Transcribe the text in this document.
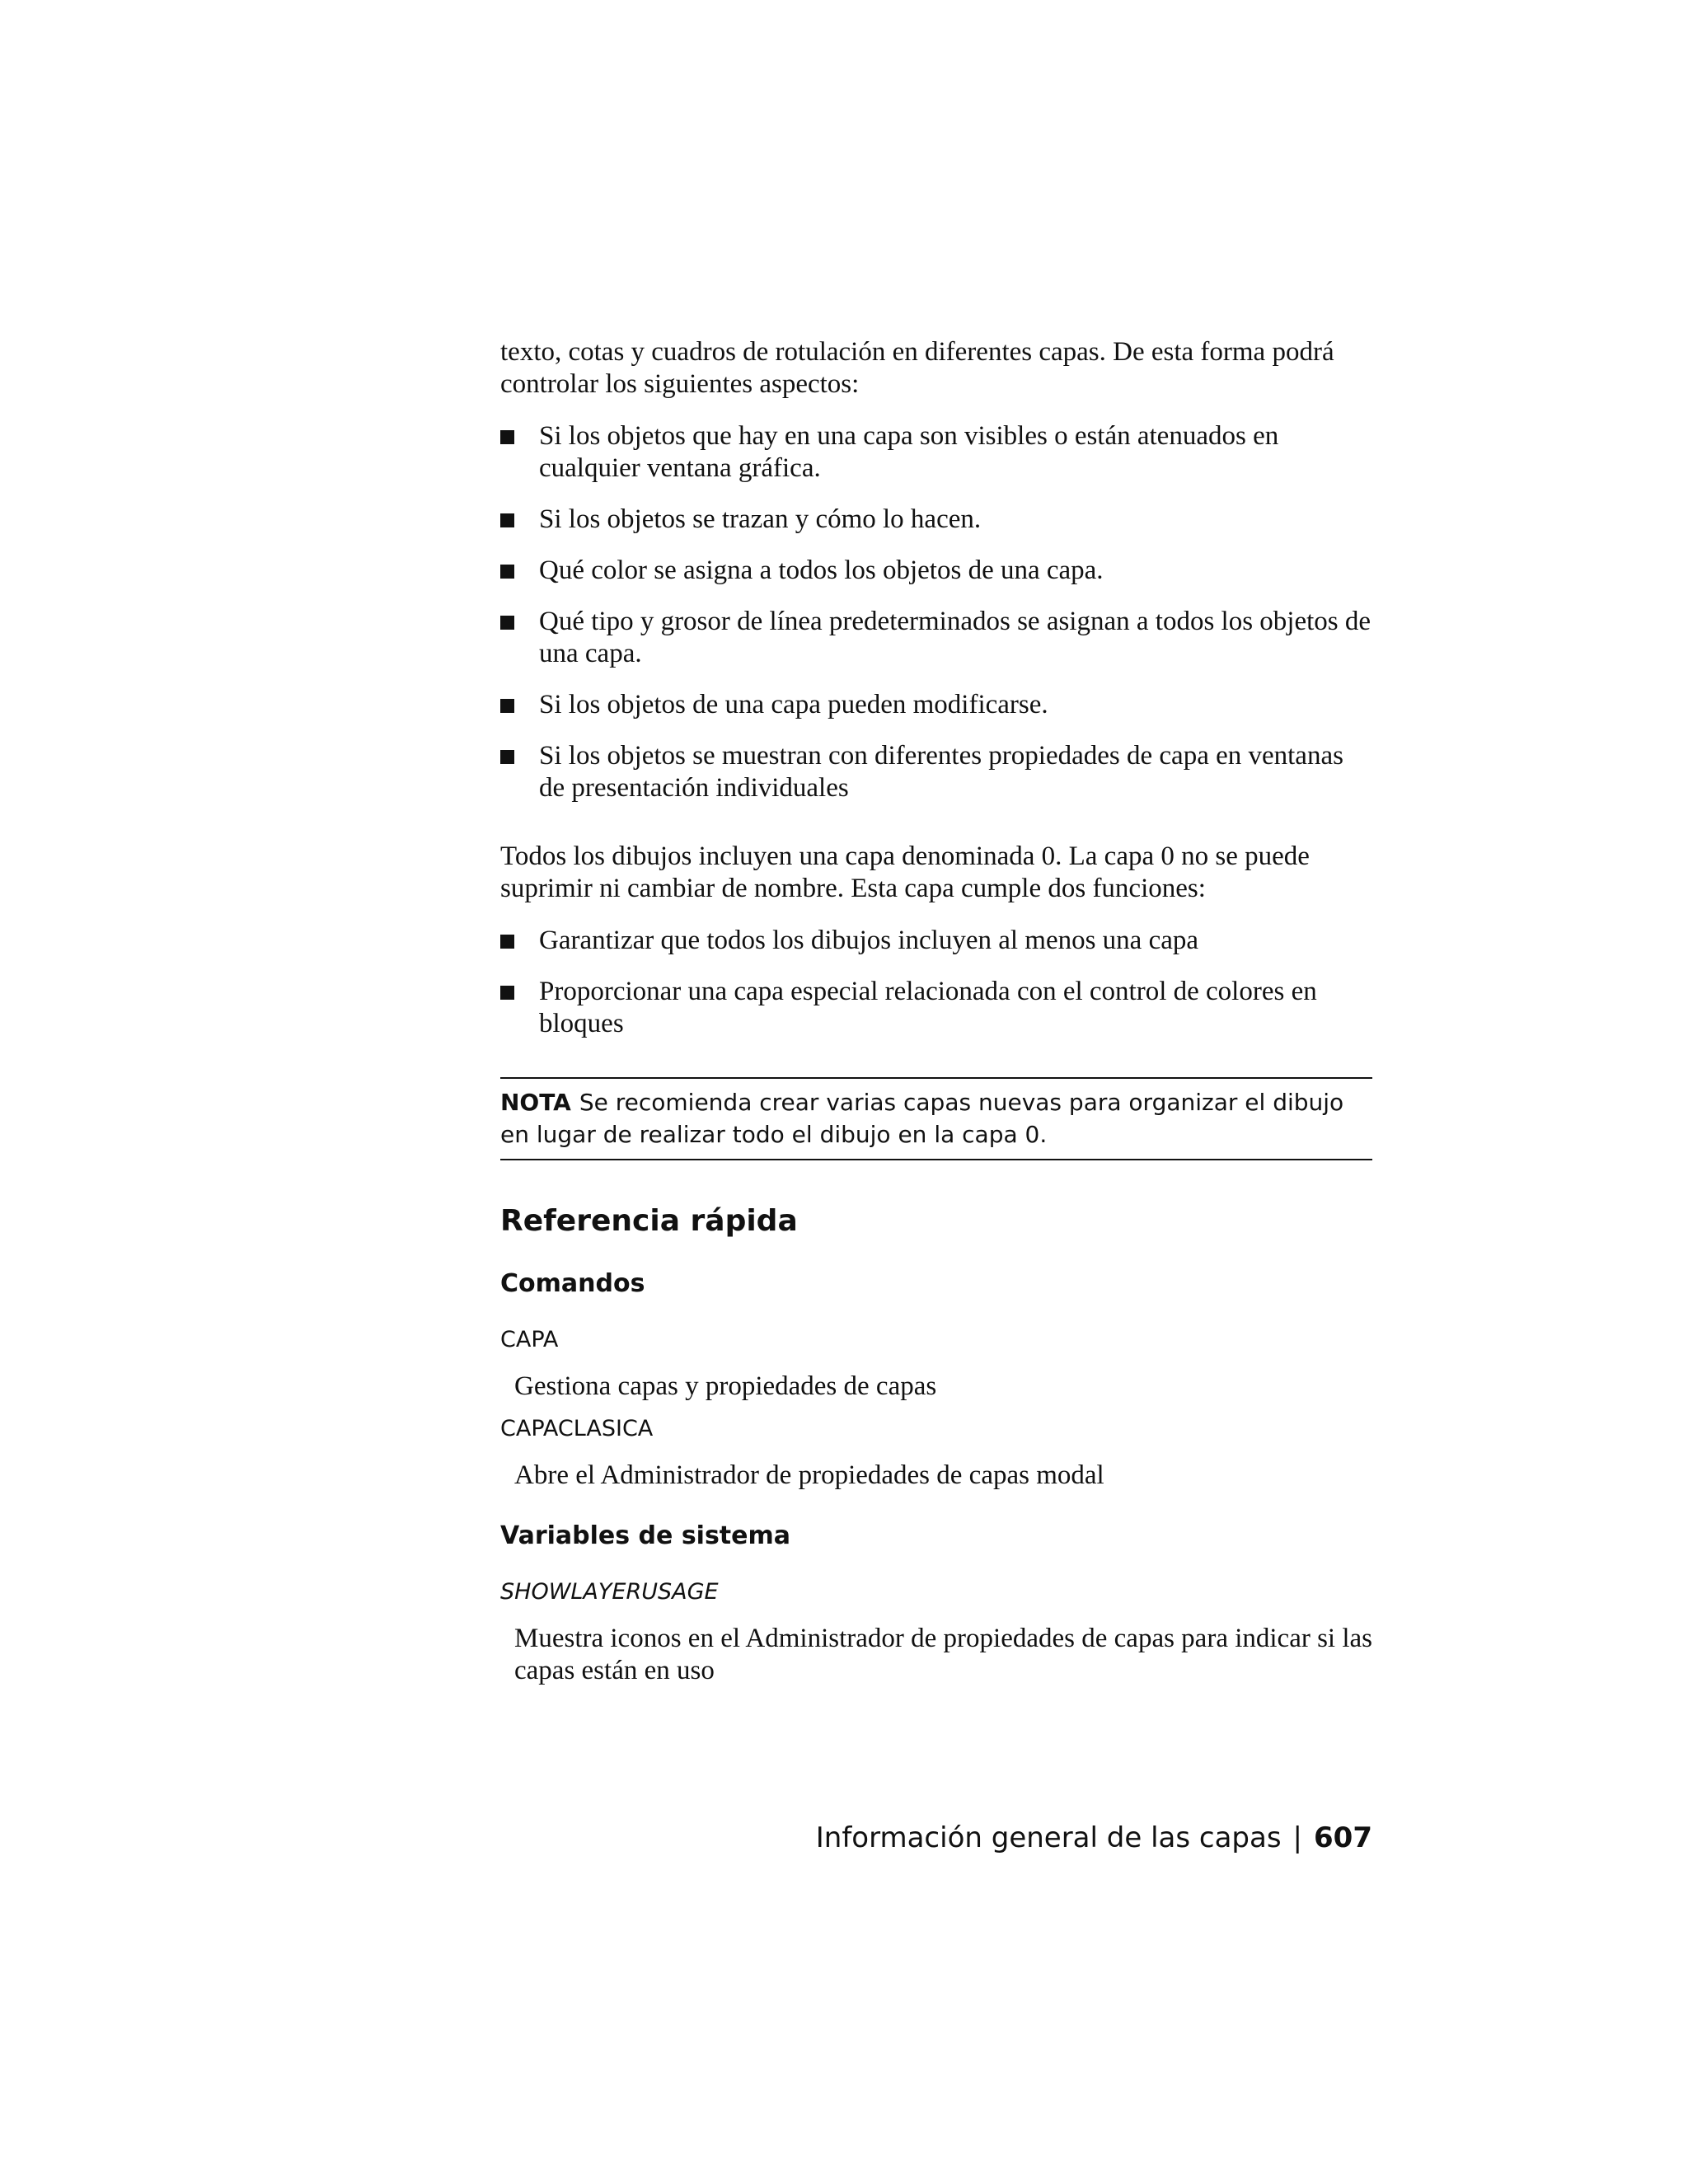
texto, cotas y cuadros de rotulación en diferentes capas. De esta forma podrá controlar los siguientes aspectos:

Si los objetos que hay en una capa son visibles o están atenuados en cualquier ventana gráfica.
Si los objetos se trazan y cómo lo hacen.
Qué color se asigna a todos los objetos de una capa.
Qué tipo y grosor de línea predeterminados se asignan a todos los objetos de una capa.
Si los objetos de una capa pueden modificarse.
Si los objetos se muestran con diferentes propiedades de capa en ventanas de presentación individuales

Todos los dibujos incluyen una capa denominada 0. La capa 0 no se puede suprimir ni cambiar de nombre. Esta capa cumple dos funciones:

Garantizar que todos los dibujos incluyen al menos una capa
Proporcionar una capa especial relacionada con el control de colores en bloques
NOTA Se recomienda crear varias capas nuevas para organizar el dibujo en lugar de realizar todo el dibujo en la capa 0.
Referencia rápida
Comandos
CAPA

Gestiona capas y propiedades de capas

CAPACLASICA

Abre el Administrador de propiedades de capas modal

Variables de sistema
SHOWLAYERUSAGE

Muestra iconos en el Administrador de propiedades de capas para indicar si las capas están en uso

Información general de las capas | 607
